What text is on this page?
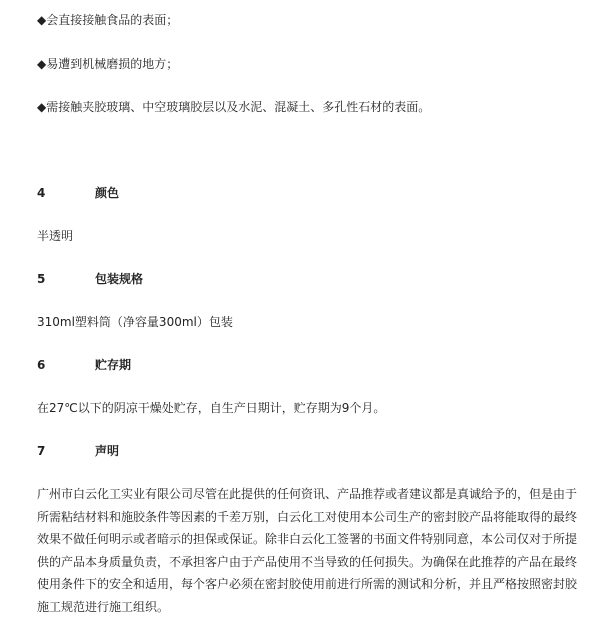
◆会直接接触食品的表面；
◆易遭到机械磨损的地方；
◆需接触夹胶玻璃、中空玻璃胶层以及水泥、混凝土、多孔性石材的表面。
4	颜色
半透明
5	包装规格
310ml塑料筒（净容量300ml）包装
6	贮存期
在27℃以下的阴凉干燥处贮存，自生产日期计，贮存期为9个月。
7	声明
广州市白云化工实业有限公司尽管在此提供的任何资讯、产品推荐或者建议都是真诚给予的，但是由于
所需粘结材料和施胶条件等因素的千差万别，白云化工对使用本公司生产的密封胶产品将能取得的最终
效果不做任何明示或者暗示的担保或保证。除非白云化工签署的书面文件特别同意，本公司仅对于所提
供的产品本身质量负责，不承担客户由于产品使用不当导致的任何损失。为确保在此推荐的产品在最终
使用条件下的安全和适用，每个客户必须在密封胶使用前进行所需的测试和分析，并且严格按照密封胶
施工规范进行施工组织。
